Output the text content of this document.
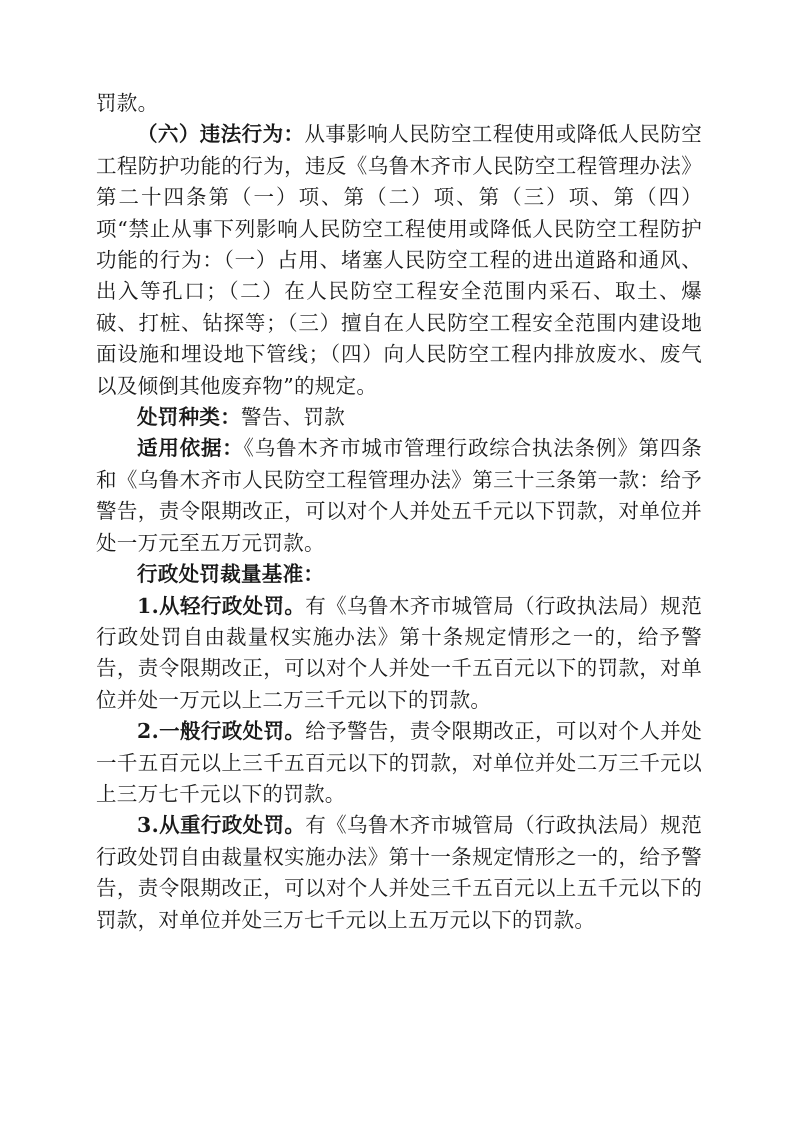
罚款。

（六）违法行为：从事影响人民防空工程使用或降低人民防空工程防护功能的行为，违反《乌鲁木齐市人民防空工程管理办法》第二十四条第（一）项、第（二）项、第（三）项、第（四）项“禁止从事下列影响人民防空工程使用或降低人民防空工程防护功能的行为：（一）占用、堵塞人民防空工程的进出道路和通风、出入等孔口；（二）在人民防空工程安全范围内采石、取土、爆破、打桩、钻探等；（三）擅自在人民防空工程安全范围内建设地面设施和埋设地下管线；（四）向人民防空工程内排放废水、废气以及倾倒其他废弃物”的规定。

处罚种类：警告、罚款

适用依据：《乌鲁木齐市城市管理行政综合执法条例》第四条和《乌鲁木齐市人民防空工程管理办法》第三十三条第一款：给予警告，责令限期改正，可以对个人并处五千元以下罚款，对单位并处一万元至五万元罚款。

行政处罚裁量基准：

1.从轻行政处罚。有《乌鲁木齐市城管局（行政执法局）规范行政处罚自由裁量权实施办法》第十条规定情形之一的，给予警告，责令限期改正，可以对个人并处一千五百元以下的罚款，对单位并处一万元以上二万三千元以下的罚款。

2.一般行政处罚。给予警告，责令限期改正，可以对个人并处一千五百元以上三千五百元以下的罚款，对单位并处二万三千元以上三万七千元以下的罚款。

3.从重行政处罚。有《乌鲁木齐市城管局（行政执法局）规范行政处罚自由裁量权实施办法》第十一条规定情形之一的，给予警告，责令限期改正，可以对个人并处三千五百元以上五千元以下的罚款，对单位并处三万七千元以上五万元以下的罚款。
